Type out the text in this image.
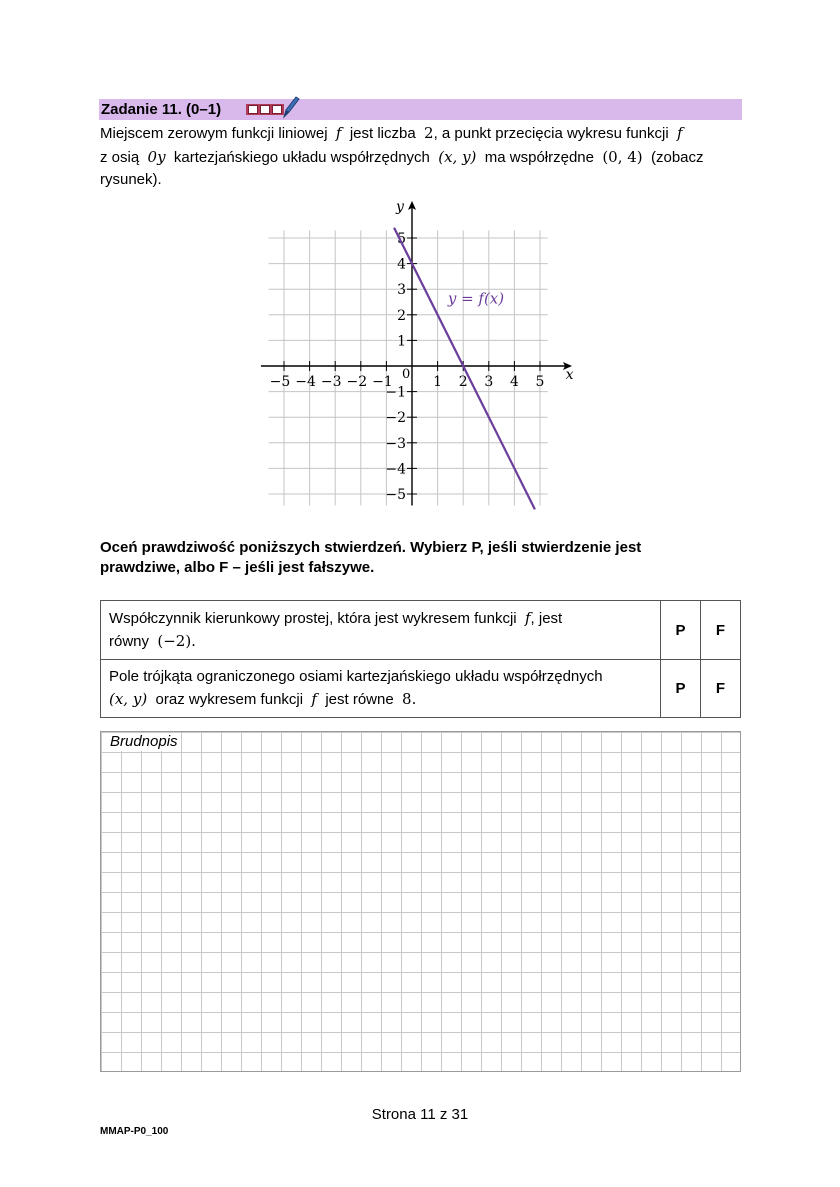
Zadanie 11. (0–1)
Miejscem zerowym funkcji liniowej f jest liczba 2, a punkt przecięcia wykresu funkcji f
z osią 0y kartezjańskiego układu współrzędnych (x, y) ma współrzędne (0, 4) (zobacz
rysunek).
x
y
−5 −4 −3 −2 −1	1 2 3 4 5
5
4
3
2
1
−1
−2
−3
−4
−5
0
y = f(x)
Oceń prawdziwość poniższych stwierdzeń. Wybierz P, jeśli stwierdzenie jest
prawdziwe, albo F – jeśli jest fałszywe.
Współczynnik kierunkowy prostej, która jest wykresem funkcji f, jest
równy (−2).	P	F
Pole trójkąta ograniczonego osiami kartezjańskiego układu współrzędnych
(x, y) oraz wykresem funkcji f jest równe 8.	P	F
Brudnopis
Strona 11 z 31
MMAP-P0_100
